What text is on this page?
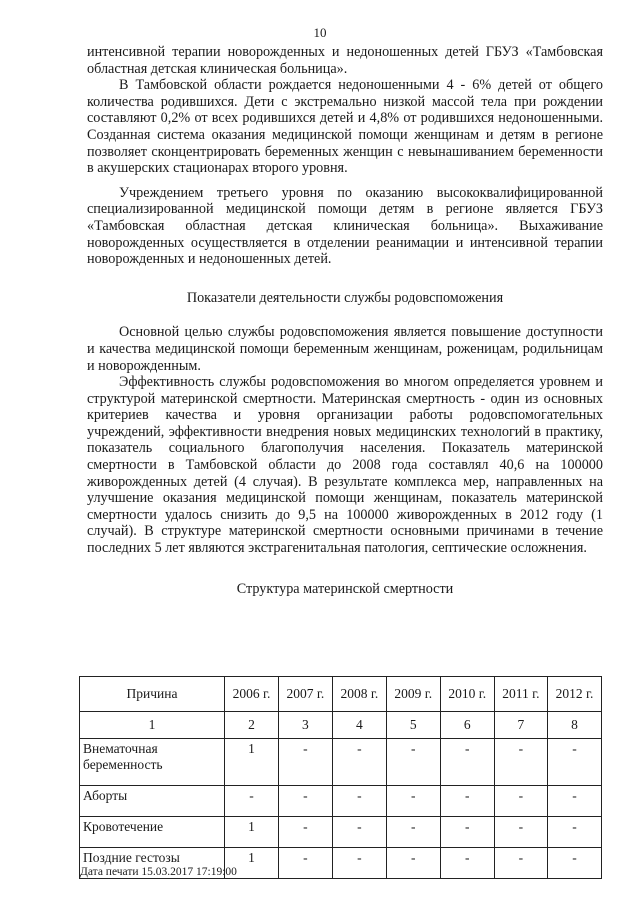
10

интенсивной терапии новорожденных и недоношенных детей ГБУЗ «Тамбовская областная детская клиническая больница».

В Тамбовской области рождается недоношенными 4 - 6% детей от общего количества родившихся. Дети с экстремально низкой массой тела при рождении составляют 0,2% от всех родившихся детей и 4,8% от родившихся недоношенными. Созданная система оказания медицинской помощи женщинам и детям в регионе позволяет сконцентрировать беременных женщин с невынашиванием беременности в акушерских стационарах второго уровня.

Учреждением третьего уровня по оказанию высококвалифицированной специализированной медицинской помощи детям в регионе является ГБУЗ «Тамбовская областная детская клиническая больница». Выхаживание новорожденных осуществляется в отделении реанимации и интенсивной терапии новорожденных и недоношенных детей.

Показатели деятельности службы родовспоможения

Основной целью службы родовспоможения является повышение доступности и качества медицинской помощи беременным женщинам, роженицам, родильницам и новорожденным.

Эффективность службы родовспоможения во многом определяется уровнем и структурой материнской смертности. Материнская смертность - один из основных критериев качества и уровня организации работы родовспомогательных учреждений, эффективности внедрения новых медицинских технологий в практику, показатель социального благополучия населения. Показатель материнской смертности в Тамбовской области до 2008 года составлял 40,6 на 100000 живорожденных детей (4 случая). В результате комплекса мер, направленных на улучшение оказания медицинской помощи женщинам, показатель материнской смертности удалось снизить до 9,5 на 100000 живорожденных в 2012 году (1 случай). В структуре материнской смертности основными причинами в течение последних 5 лет являются экстрагенитальная патология, септические осложнения.

Структура материнской смертности
Причина	2006 г.	2007 г.	2008 г.	2009 г.	2010 г.	2011 г.	2012 г.
1	2	3	4	5	6	7	8
Внематочная беременность	1	-	-	-	-	-	-
Аборты	-	-	-	-	-	-	-
Кровотечение	1	-	-	-	-	-	-
Поздние гестозы	1	-	-	-	-	-	-
Дата печати 15.03.2017 17:19:00
